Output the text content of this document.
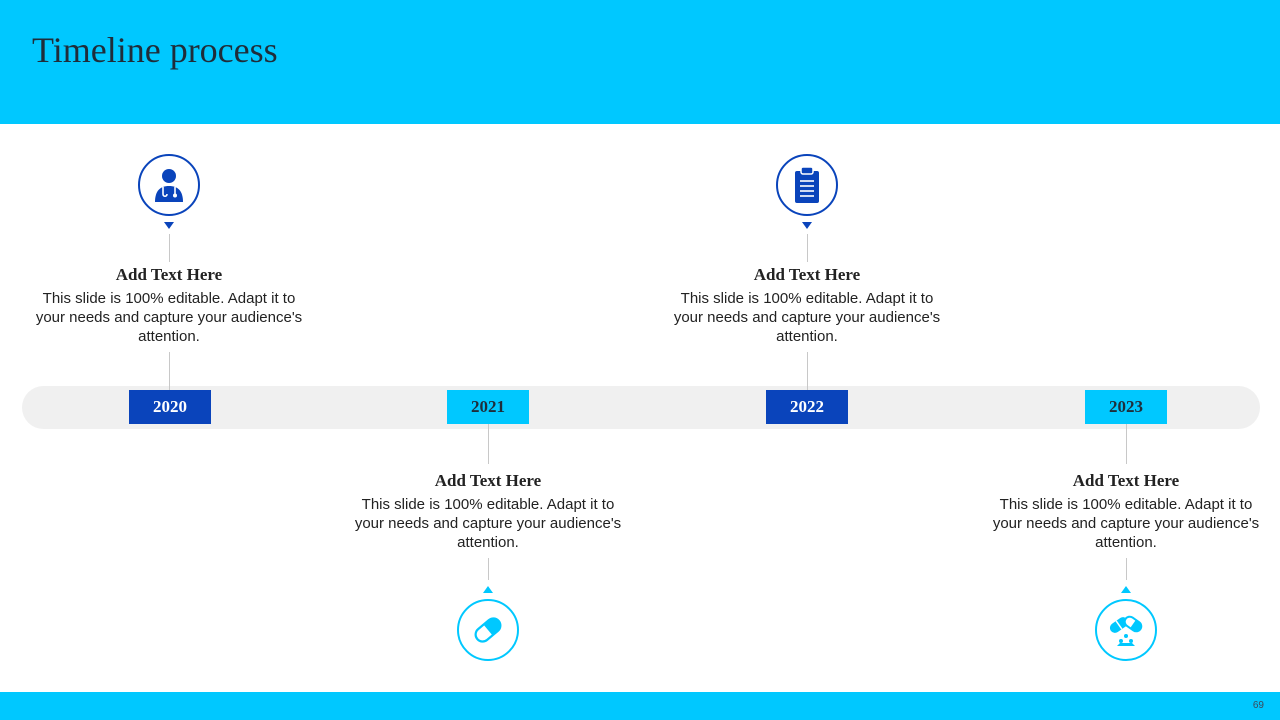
Timeline process
Add Text Here
This slide is 100% editable. Adapt it to your needs and capture your audience's attention.
2020	2021
Add Text Here
This slide is 100% editable. Adapt it to your needs and capture your audience's attention.
Add Text Here
This slide is 100% editable. Adapt it to your needs and capture your audience's attention.
2022	2023
Add Text Here
This slide is 100% editable. Adapt it to your needs and capture your audience's attention.
69
